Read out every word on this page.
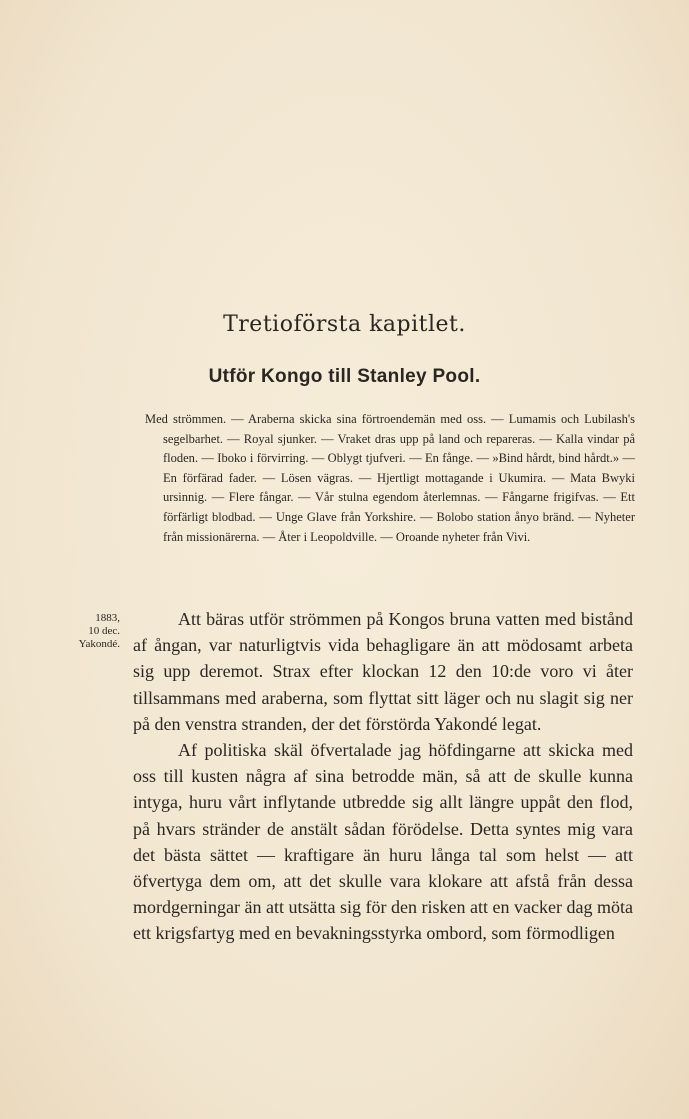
Tretioförsta kapitlet.
Utför Kongo till Stanley Pool.
Med strömmen. — Araberna skicka sina förtroendemän med oss. — Lumamis och Lubilash's segelbarhet. — Royal sjunker. — Vraket dras upp på land och repareras. — Kalla vindar på floden. — Iboko i förvirring. — Oblygt tjufveri. — En fånge. — »Bind hårdt, bind hårdt.» — En förfärad fader. — Lösen vägras. — Hjertligt mottagande i Ukumira. — Mata Bwyki ursinnig. — Flere fångar. — Vår stulna egendom återlemnas. — Fångarne frigifvas. — Ett förfärligt blodbad. — Unge Glave från Yorkshire. — Bolobo station ånyo bränd. — Nyheter från missionärerna. — Åter i Leopoldville. — Oroande nyheter från Vivi.
1883,
10 dec.
Yakondé.

Att bäras utför strömmen på Kongos bruna vatten med bistånd af ångan, var naturligtvis vida behagligare än att mödosamt arbeta sig upp deremot. Strax efter klockan 12 den 10:de voro vi åter tillsammans med araberna, som flyttat sitt läger och nu slagit sig ner på den venstra stranden, der det förstörda Yakondé legat.

Af politiska skäl öfvertalade jag höfdingarne att skicka med oss till kusten några af sina betrodde män, så att de skulle kunna intyga, huru vårt inflytande utbredde sig allt längre uppåt den flod, på hvars stränder de anstält sådan förödelse. Detta syntes mig vara det bästa sättet — kraftigare än huru långa tal som helst — att öfvertyga dem om, att det skulle vara klokare att afstå från dessa mordgerningar än att utsätta sig för den risken att en vacker dag möta ett krigsfartyg med en bevakningsstyrka ombord, som förmodligen
